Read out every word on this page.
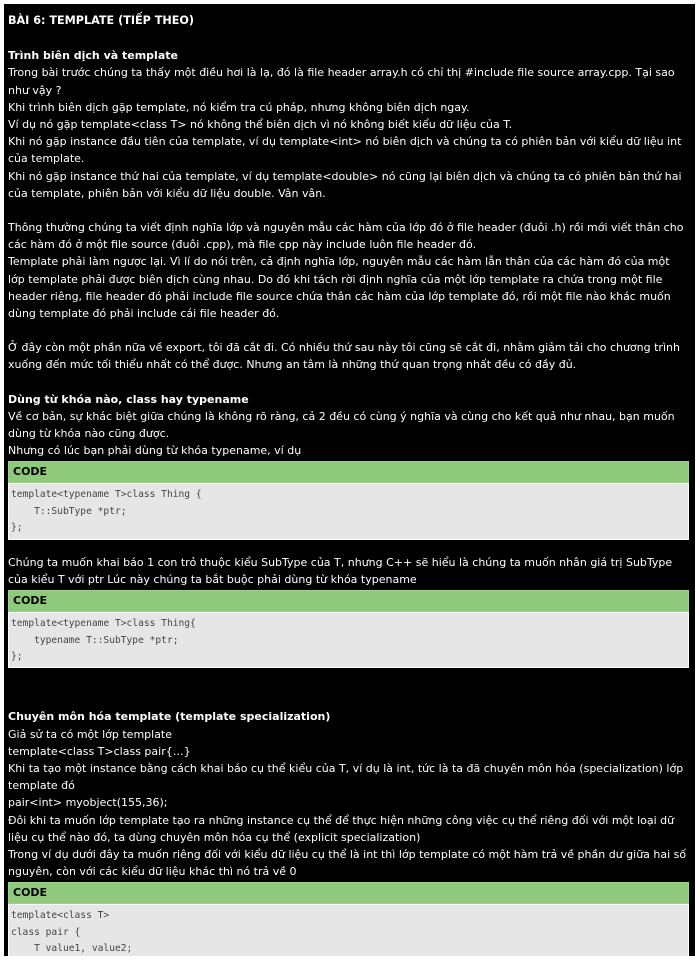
BÀI 6: TEMPLATE (TIẾP THEO)
Trình biên dịch và template
Trong bài trước chúng ta thấy một điều hơi là lạ, đó là file header array.h có chỉ thị #include file source array.cpp. Tại sao như vậy ?
Khi trình biên dịch gặp template, nó kiểm tra cú pháp, nhưng không biên dịch ngay.
Ví dụ nó gặp template<class T> nó không thể biên dịch vì nó không biết kiểu dữ liệu của T.
Khi nó gặp instance đầu tiên của template, ví dụ template<int> nó biên dịch và chúng ta có phiên bản với kiểu dữ liệu int của template.
Khi nó gặp instance thứ hai của template, ví dụ template<double> nó cũng lại biên dịch và chúng ta có phiên bản thứ hai của template, phiên bản với kiểu dữ liệu double. Vân vân.
Thông thường chúng ta viết định nghĩa lớp và nguyên mẫu các hàm của lớp đó ở file header (đuôi .h) rồi mới viết thân cho các hàm đó ở một file source (đuôi .cpp), mà file cpp này include luôn file header đó.
Template phải làm ngược lại. Vì lí do nói trên, cả định nghĩa lớp, nguyên mẫu các hàm lẫn thân của các hàm đó của một lớp template phải được biên dịch cùng nhau. Do đó khi tách rời định nghĩa của một lớp template ra chứa trong một file header riêng, file header đó phải include file source chứa thân các hàm của lớp template đó, rồi một file nào khác muốn dùng template đó phải include cái file header đó.
Ở đây còn một phần nữa về export, tôi đã cắt đi. Có nhiều thứ sau này tôi cũng sẽ cắt đi, nhằm giảm tải cho chương trình xuống đến mức tối thiểu nhất có thể được. Nhưng an tâm là những thứ quan trọng nhất đều có đầy đủ.
Dùng từ khóa nào, class hay typename
Về cơ bản, sự khác biệt giữa chúng là không rõ ràng, cả 2 đều có cùng ý nghĩa và cùng cho kết quả như nhau, bạn muốn dùng từ khóa nào cũng được.
Nhưng có lúc bạn phải dùng từ khóa typename, ví dụ
CODE
template<typename T>class Thing {
T::SubType *ptr;
};
Chúng ta muốn khai báo 1 con trỏ thuộc kiểu SubType của T, nhưng C++ sẽ hiểu là chúng ta muốn nhân giá trị SubType của kiểu T với ptr Lúc này chúng ta bắt buộc phải dùng từ khóa typename
CODE
template<typename T>class Thing{
typename T::SubType *ptr;
};
Chuyên môn hóa template (template specialization)
Giả sử ta có một lớp template
template<class T>class pair{…}
Khi ta tạo một instance bằng cách khai báo cụ thể kiểu của T, ví dụ là int, tức là ta đã chuyên môn hóa (specialization) lớp template đó
pair<int> myobject(155,36);
Đôi khi ta muốn lớp template tạo ra những instance cụ thể để thực hiện những công việc cụ thể riêng đối với một loại dữ liệu cụ thể nào đó, ta dùng chuyên môn hóa cụ thể (explicit specialization)
Trong ví dụ dưới đây ta muốn riêng đối với kiểu dữ liệu cụ thể là int thì lớp template có một hàm trả về phần dư giữa hai số nguyên, còn với các kiểu dữ liệu khác thì nó trả về 0
CODE
template<class T>
class pair {
T value1, value2;
